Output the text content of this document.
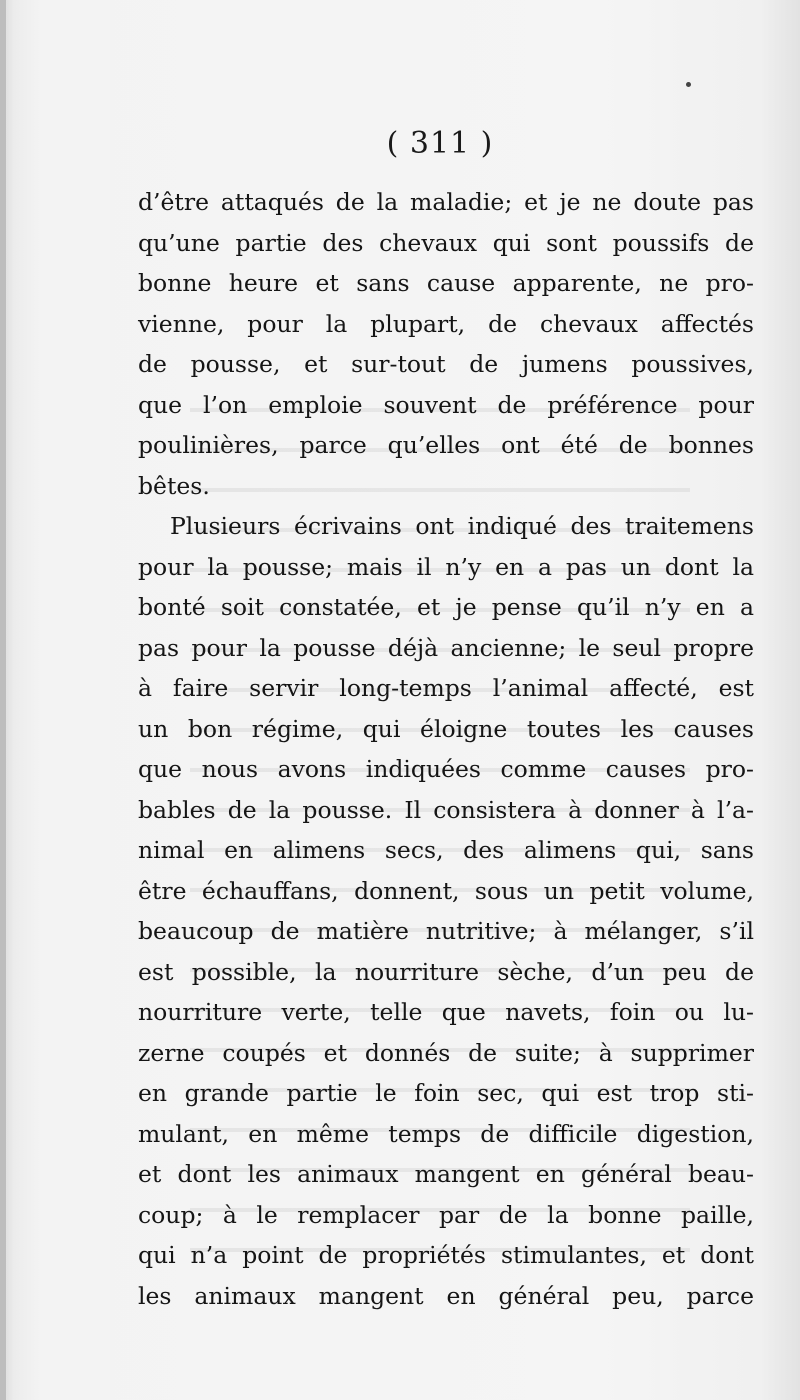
( 311 )
d’être attaqués de la maladie; et je ne doute pas
qu’une partie des chevaux qui sont poussifs de
bonne heure et sans cause apparente, ne pro-
vienne, pour la plupart, de chevaux affectés
de pousse, et sur-tout de jumens poussives,
que l’on emploie souvent de préférence pour
poulinières, parce qu’elles ont été de bonnes
bêtes.
Plusieurs écrivains ont indiqué des traitemens
pour la pousse; mais il n’y en a pas un dont la
bonté soit constatée, et je pense qu’il n’y en a
pas pour la pousse déjà ancienne; le seul propre
à faire servir long-temps l’animal affecté, est
un bon régime, qui éloigne toutes les causes
que nous avons indiquées comme causes pro-
bables de la pousse. Il consistera à donner à l’a-
nimal en alimens secs, des alimens qui, sans
être échauffans, donnent, sous un petit volume,
beaucoup de matière nutritive; à mélanger, s’il
est possible, la nourriture sèche, d’un peu de
nourriture verte, telle que navets, foin ou lu-
zerne coupés et donnés de suite; à supprimer
en grande partie le foin sec, qui est trop sti-
mulant, en même temps de difficile digestion,
et dont les animaux mangent en général beau-
coup; à le remplacer par de la bonne paille,
qui n’a point de propriétés stimulantes, et dont
les animaux mangent en général peu, parce
